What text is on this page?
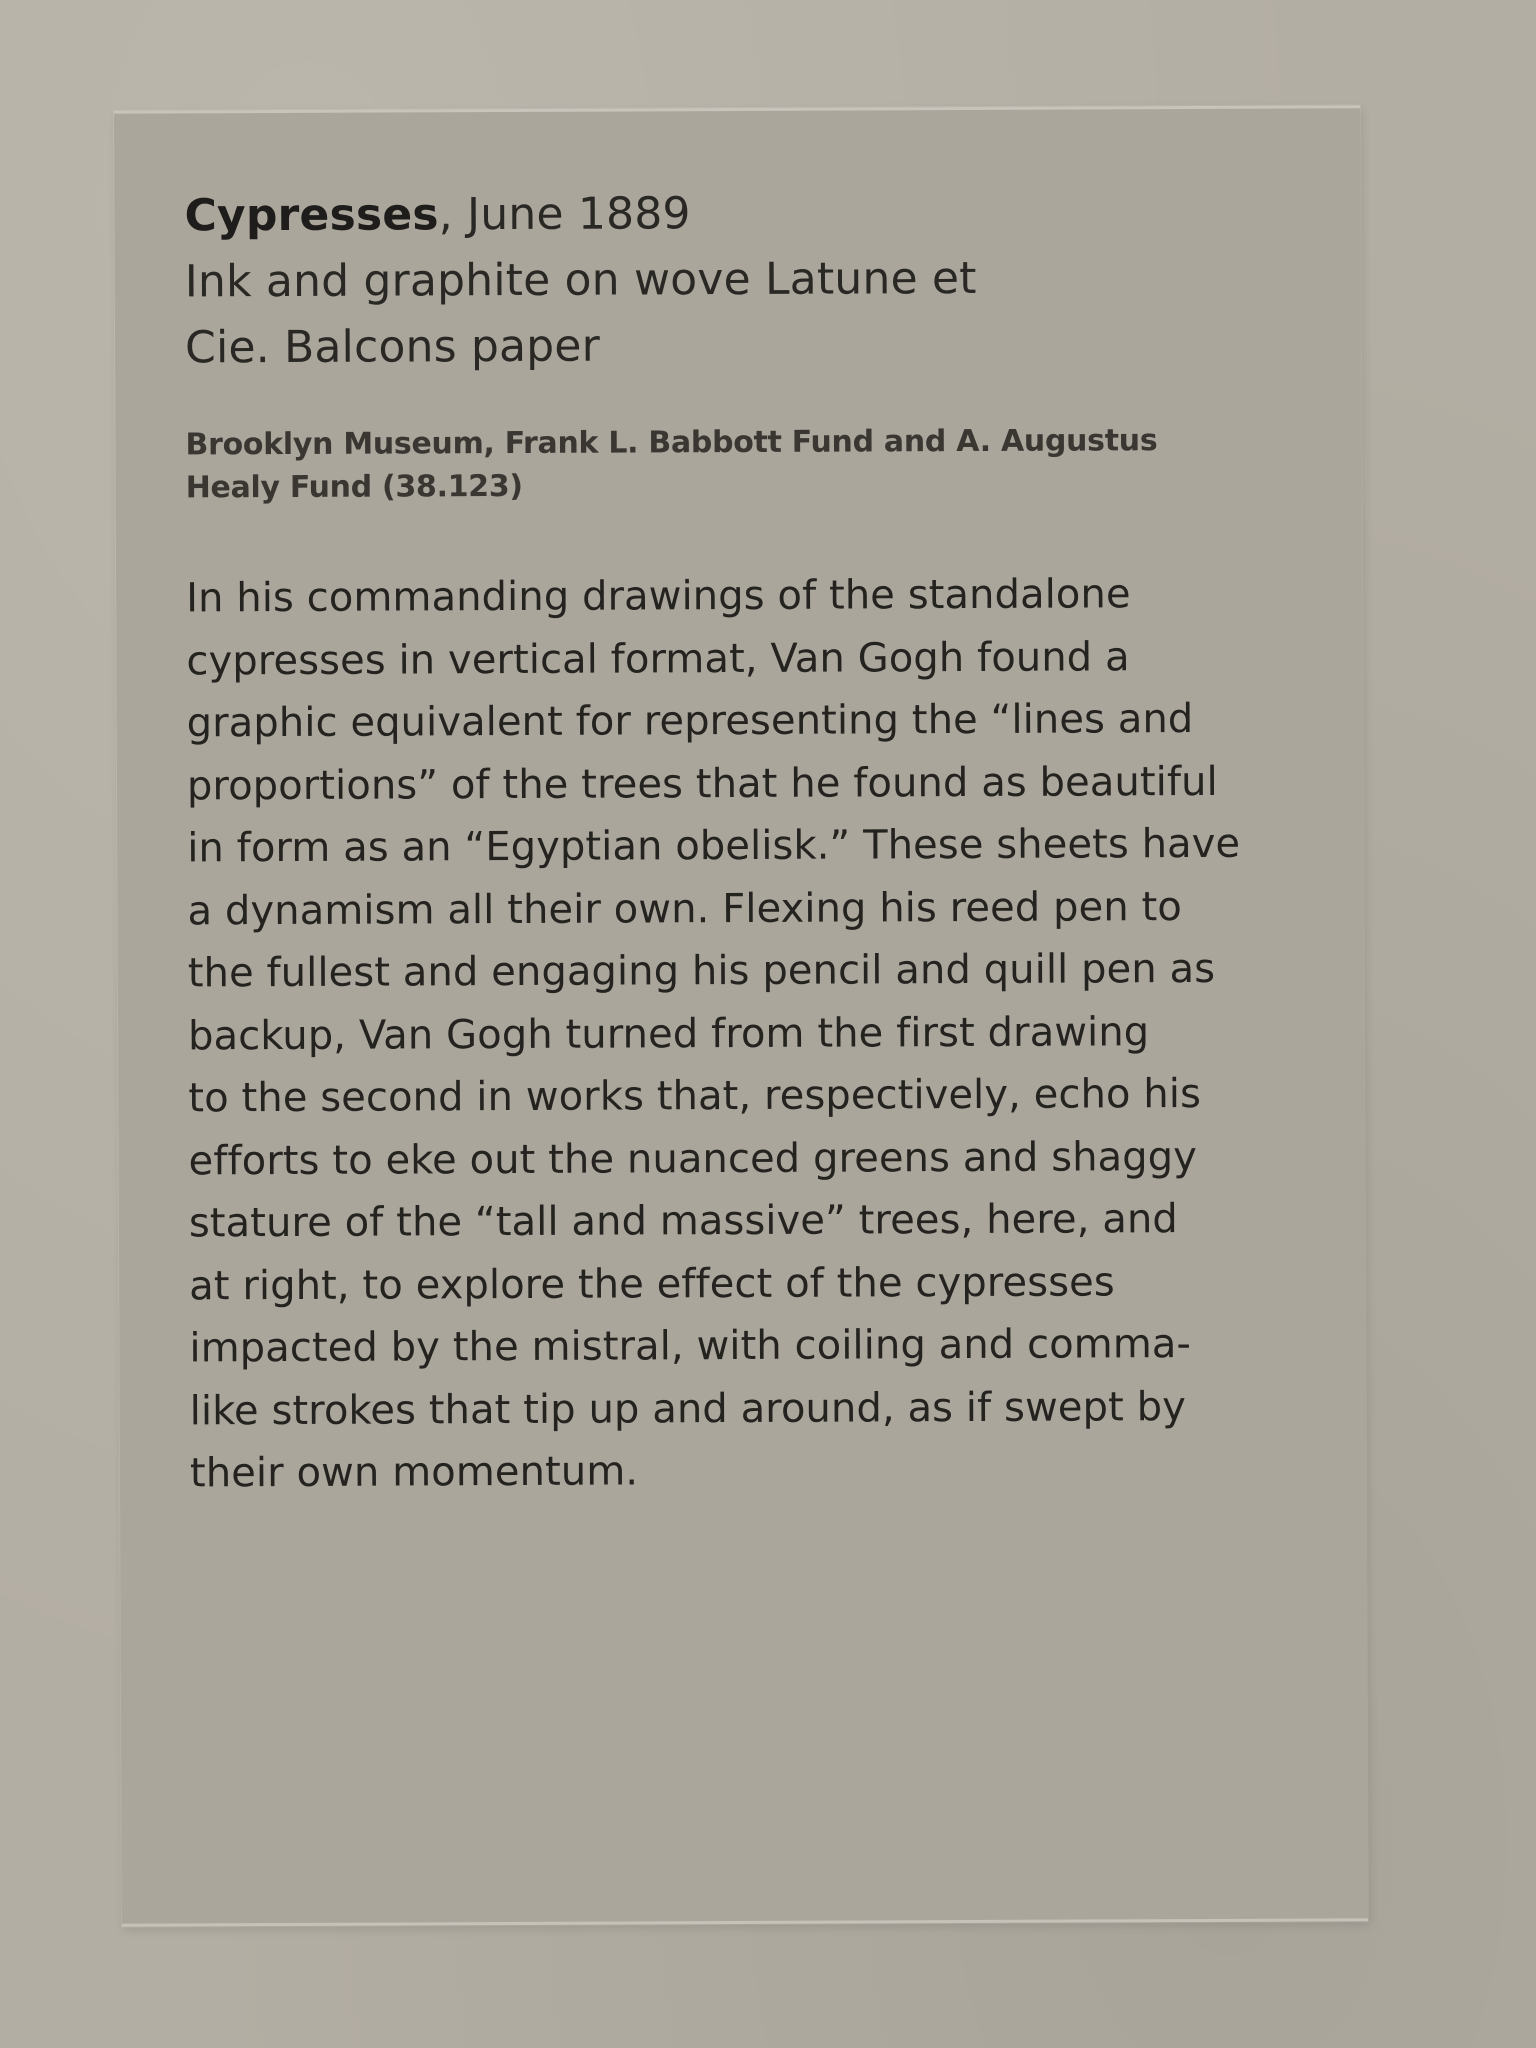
Cypresses, June 1889
Ink and graphite on wove Latune et
Cie. Balcons paper
Brooklyn Museum, Frank L. Babbott Fund and A. Augustus
Healy Fund (38.123)
In his commanding drawings of the standalone
cypresses in vertical format, Van Gogh found a
graphic equivalent for representing the “lines and
proportions” of the trees that he found as beautiful
in form as an “Egyptian obelisk.” These sheets have
a dynamism all their own. Flexing his reed pen to
the fullest and engaging his pencil and quill pen as
backup, Van Gogh turned from the first drawing
to the second in works that, respectively, echo his
efforts to eke out the nuanced greens and shaggy
stature of the “tall and massive” trees, here, and
at right, to explore the effect of the cypresses
impacted by the mistral, with coiling and comma-
like strokes that tip up and around, as if swept by
their own momentum.
